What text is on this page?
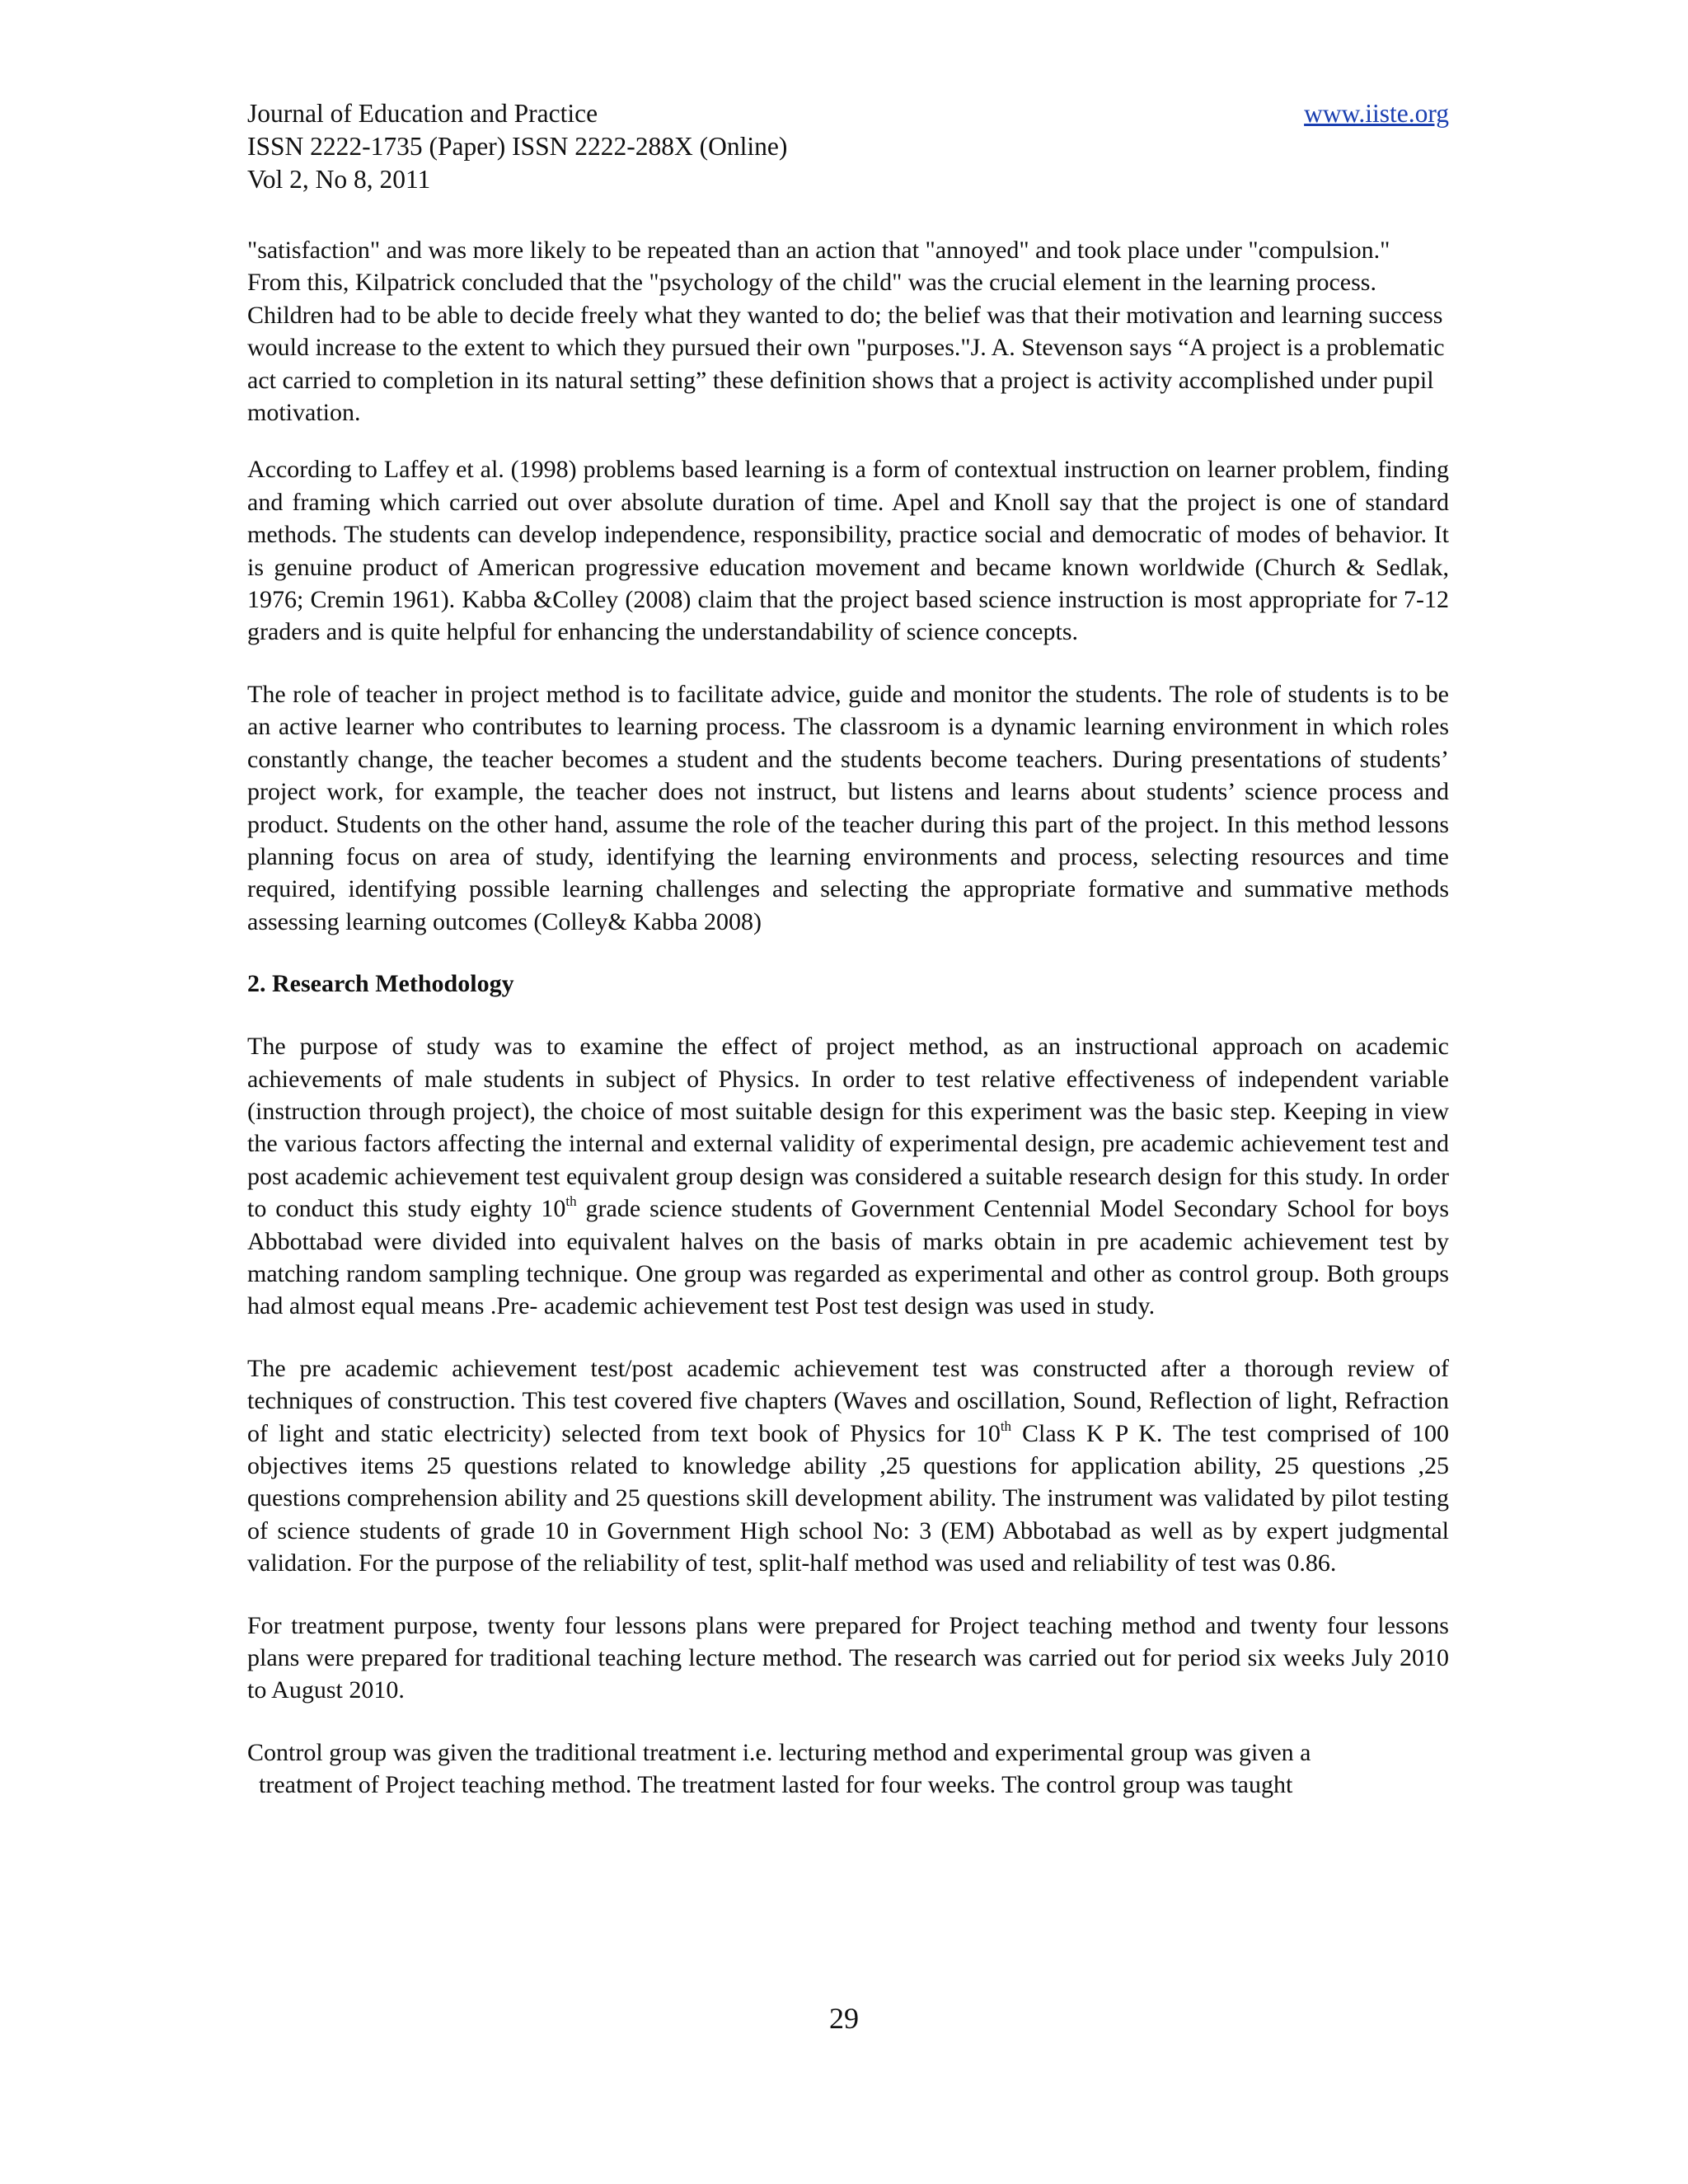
Journal of Education and Practice	www.iiste.org
ISSN 2222-1735 (Paper) ISSN 2222-288X (Online)
Vol 2, No 8, 2011

"satisfaction" and was more likely to be repeated than an action that "annoyed" and took place under "compulsion." From this, Kilpatrick concluded that the "psychology of the child" was the crucial element in the learning process. Children had to be able to decide freely what they wanted to do; the belief was that their motivation and learning success would increase to the extent to which they pursued their own "purposes."J. A. Stevenson says “A project is a problematic act carried to completion in its natural setting” these definition shows that a project is activity accomplished under pupil motivation.

According to Laffey et al. (1998) problems based learning is a form of contextual instruction on learner problem, finding and framing which carried out over absolute duration of time. Apel and Knoll say that the project is one of standard methods. The students can develop independence, responsibility, practice social and democratic of modes of behavior. It is genuine product of American progressive education movement and became known worldwide (Church & Sedlak, 1976; Cremin 1961). Kabba &Colley (2008) claim that the project based science instruction is most appropriate for 7-12 graders and is quite helpful for enhancing the understandability of science concepts.

The role of teacher in project method is to facilitate advice, guide and monitor the students. The role of students is to be an active learner who contributes to learning process. The classroom is a dynamic learning environment in which roles constantly change, the teacher becomes a student and the students become teachers. During presentations of students’ project work, for example, the teacher does not instruct, but listens and learns about students’ science process and product. Students on the other hand, assume the role of the teacher during this part of the project. In this method lessons planning focus on area of study, identifying the learning environments and process, selecting resources and time required, identifying possible learning challenges and selecting the appropriate formative and summative methods assessing learning outcomes (Colley& Kabba 2008)

2. Research Methodology

The purpose of study was to examine the effect of project method, as an instructional approach on academic achievements of male students in subject of Physics. In order to test relative effectiveness of independent variable (instruction through project), the choice of most suitable design for this experiment was the basic step. Keeping in view the various factors affecting the internal and external validity of experimental design, pre academic achievement test and post academic achievement test equivalent group design was considered a suitable research design for this study. In order to conduct this study eighty 10th grade science students of Government Centennial Model Secondary School for boys Abbottabad were divided into equivalent halves on the basis of marks obtain in pre academic achievement test by matching random sampling technique. One group was regarded as experimental and other as control group. Both groups had almost equal means .Pre- academic achievement test Post test design was used in study.

The pre academic achievement test/post academic achievement test was constructed after a thorough review of techniques of construction. This test covered five chapters (Waves and oscillation, Sound, Reflection of light, Refraction of light and static electricity) selected from text book of Physics for 10th Class K P K. The test comprised of 100 objectives items 25 questions related to knowledge ability ,25 questions for application ability, 25 questions ,25 questions comprehension ability and 25 questions skill development ability. The instrument was validated by pilot testing of science students of grade 10 in Government High school No: 3 (EM) Abbotabad as well as by expert judgmental validation. For the purpose of the reliability of test, split-half method was used and reliability of test was 0.86.

For treatment purpose, twenty four lessons plans were prepared for Project teaching method and twenty four lessons plans were prepared for traditional teaching lecture method. The research was carried out for period six weeks July 2010 to August 2010.

Control group was given the traditional treatment i.e. lecturing method and experimental group was given a
treatment of Project teaching method. The treatment lasted for four weeks. The control group was taught

29
